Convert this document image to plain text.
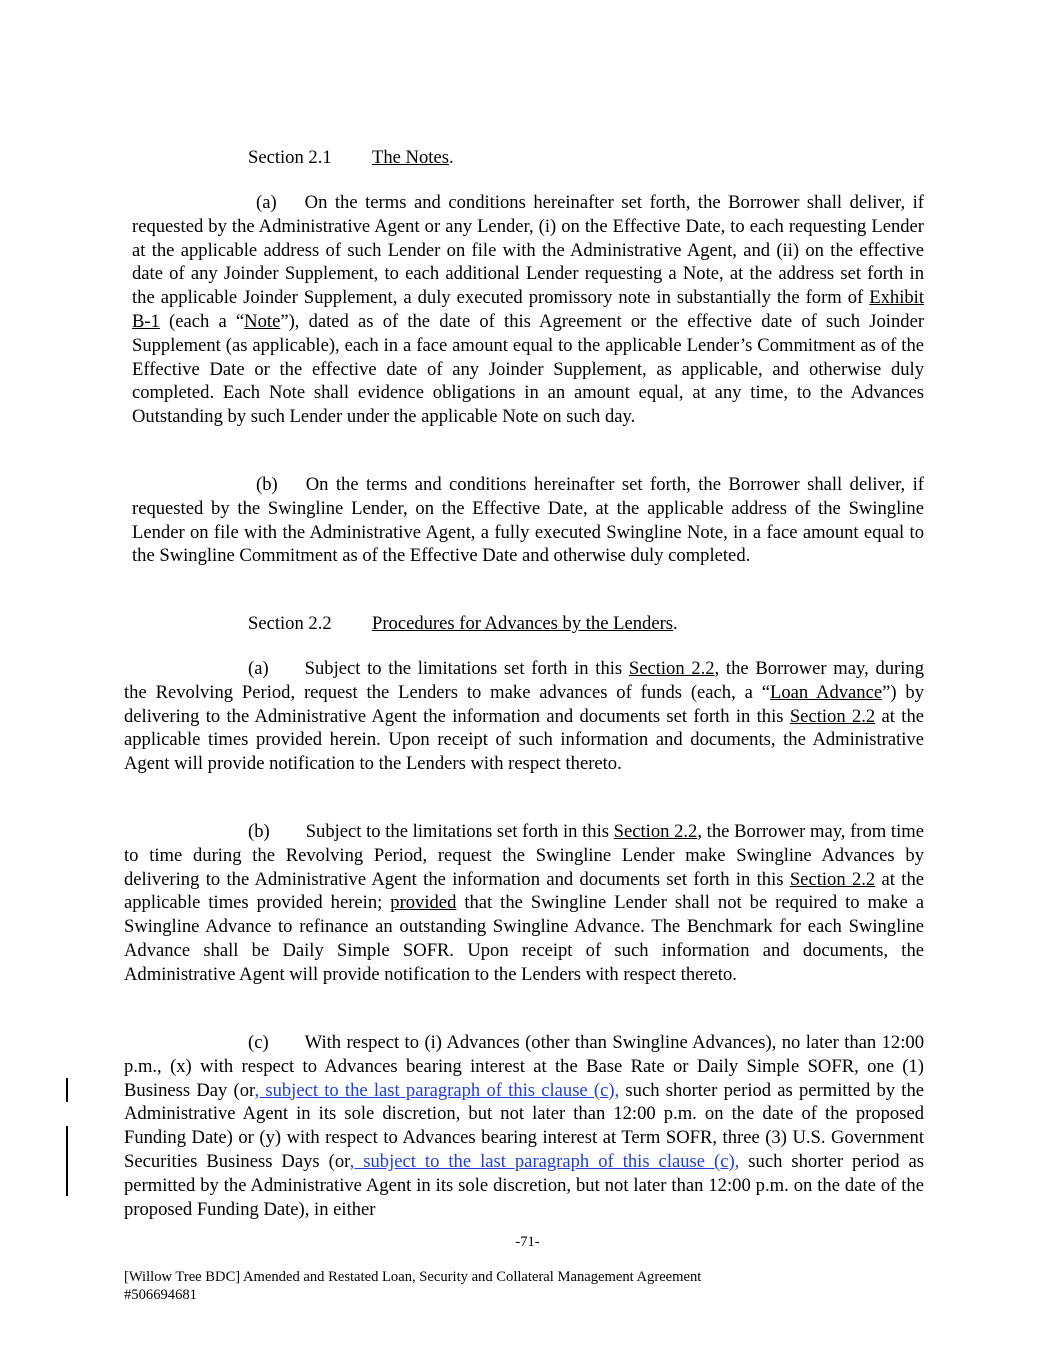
Section 2.1 The Notes.
(a) On the terms and conditions hereinafter set forth, the Borrower shall deliver, if requested by the Administrative Agent or any Lender, (i) on the Effective Date, to each requesting Lender at the applicable address of such Lender on file with the Administrative Agent, and (ii) on the effective date of any Joinder Supplement, to each additional Lender requesting a Note, at the address set forth in the applicable Joinder Supplement, a duly executed promissory note in substantially the form of Exhibit B-1 (each a “Note”), dated as of the date of this Agreement or the effective date of such Joinder Supplement (as applicable), each in a face amount equal to the applicable Lender’s Commitment as of the Effective Date or the effective date of any Joinder Supplement, as applicable, and otherwise duly completed. Each Note shall evidence obligations in an amount equal, at any time, to the Advances Outstanding by such Lender under the applicable Note on such day.
(b) On the terms and conditions hereinafter set forth, the Borrower shall deliver, if requested by the Swingline Lender, on the Effective Date, at the applicable address of the Swingline Lender on file with the Administrative Agent, a fully executed Swingline Note, in a face amount equal to the Swingline Commitment as of the Effective Date and otherwise duly completed.
Section 2.2 Procedures for Advances by the Lenders.
(a) Subject to the limitations set forth in this Section 2.2, the Borrower may, during the Revolving Period, request the Lenders to make advances of funds (each, a “Loan Advance”) by delivering to the Administrative Agent the information and documents set forth in this Section 2.2 at the applicable times provided herein. Upon receipt of such information and documents, the Administrative Agent will provide notification to the Lenders with respect thereto.
(b) Subject to the limitations set forth in this Section 2.2, the Borrower may, from time to time during the Revolving Period, request the Swingline Lender make Swingline Advances by delivering to the Administrative Agent the information and documents set forth in this Section 2.2 at the applicable times provided herein; provided that the Swingline Lender shall not be required to make a Swingline Advance to refinance an outstanding Swingline Advance. The Benchmark for each Swingline Advance shall be Daily Simple SOFR. Upon receipt of such information and documents, the Administrative Agent will provide notification to the Lenders with respect thereto.
(c) With respect to (i) Advances (other than Swingline Advances), no later than 12:00 p.m., (x) with respect to Advances bearing interest at the Base Rate or Daily Simple SOFR, one (1) Business Day (or, subject to the last paragraph of this clause (c), such shorter period as permitted by the Administrative Agent in its sole discretion, but not later than 12:00 p.m. on the date of the proposed Funding Date) or (y) with respect to Advances bearing interest at Term SOFR, three (3) U.S. Government Securities Business Days (or, subject to the last paragraph of this clause (c), such shorter period as permitted by the Administrative Agent in its sole discretion, but not later than 12:00 p.m. on the date of the proposed Funding Date), in either
-71-
[Willow Tree BDC] Amended and Restated Loan, Security and Collateral Management Agreement
#506694681
